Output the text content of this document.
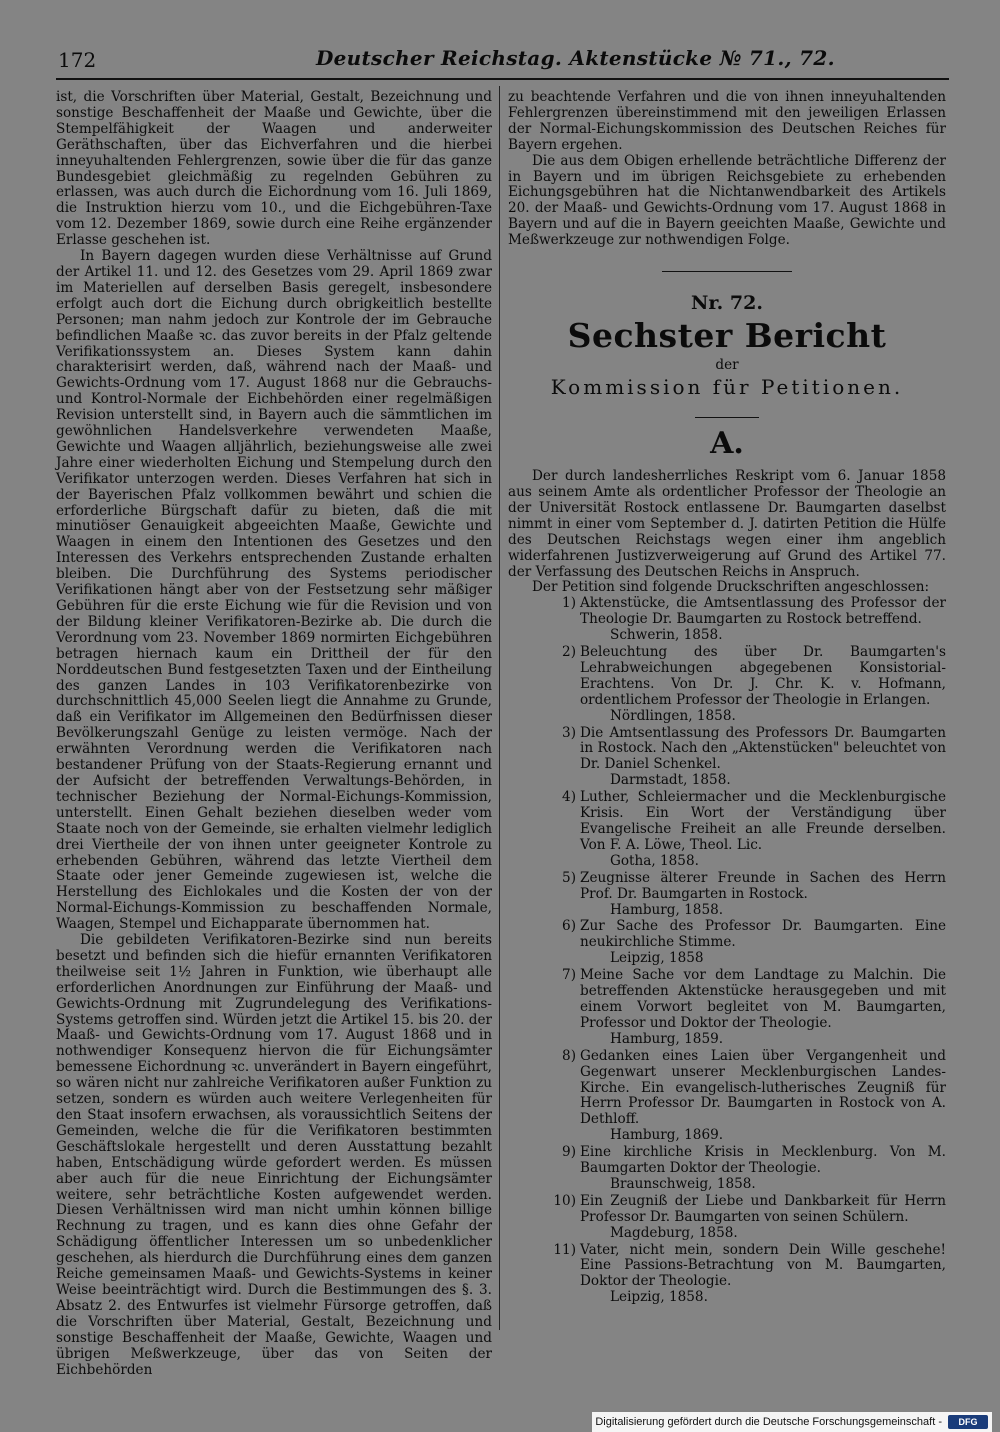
172	Deutscher Reichstag. Aktenstücke № 71., 72.

ist, die Vorschriften über Material, Gestalt, Bezeichnung und sonstige Beschaffenheit der Maaße und Gewichte, über die Stempelfähigkeit der Waagen und anderweiter Geräthschaften, über das Eichverfahren und die hierbei inneyuhaltenden Fehlergrenzen, sowie über die für das ganze Bundesgebiet gleichmäßig zu regelnden Gebühren zu erlassen, was auch durch die Eichordnung vom 16. Juli 1869, die Instruktion hierzu vom 10., und die Eichgebühren-Taxe vom 12. Dezember 1869, sowie durch eine Reihe ergänzender Erlasse geschehen ist.

In Bayern dagegen wurden diese Verhältnisse auf Grund der Artikel 11. und 12. des Gesetzes vom 29. April 1869 zwar im Materiellen auf derselben Basis geregelt, insbesondere erfolgt auch dort die Eichung durch obrigkeitlich bestellte Personen; man nahm jedoch zur Kontrole der im Gebrauche befindlichen Maaße ꝛc. das zuvor bereits in der Pfalz geltende Verifikationssystem an. Dieses System kann dahin charakterisirt werden, daß, während nach der Maaß- und Gewichts-Ordnung vom 17. August 1868 nur die Gebrauchs- und Kontrol-Normale der Eichbehörden einer regelmäßigen Revision unterstellt sind, in Bayern auch die sämmtlichen im gewöhnlichen Handelsverkehre verwendeten Maaße, Gewichte und Waagen alljährlich, beziehungsweise alle zwei Jahre einer wiederholten Eichung und Stempelung durch den Verifikator unterzogen werden. Dieses Verfahren hat sich in der Bayerischen Pfalz vollkommen bewährt und schien die erforderliche Bürgschaft dafür zu bieten, daß die mit minutiöser Genauigkeit abgeeichten Maaße, Gewichte und Waagen in einem den Intentionen des Gesetzes und den Interessen des Verkehrs entsprechenden Zustande erhalten bleiben. Die Durchführung des Systems periodischer Verifikationen hängt aber von der Festsetzung sehr mäßiger Gebühren für die erste Eichung wie für die Revision und von der Bildung kleiner Verifikatoren-Bezirke ab. Die durch die Verordnung vom 23. November 1869 normirten Eichgebühren betragen hiernach kaum ein Drittheil der für den Norddeutschen Bund festgesetzten Taxen und der Eintheilung des ganzen Landes in 103 Verifikatorenbezirke von durchschnittlich 45,000 Seelen liegt die Annahme zu Grunde, daß ein Verifikator im Allgemeinen den Bedürfnissen dieser Bevölkerungszahl Genüge zu leisten vermöge. Nach der erwähnten Verordnung werden die Verifikatoren nach bestandener Prüfung von der Staats-Regierung ernannt und der Aufsicht der betreffenden Verwaltungs-Behörden, in technischer Beziehung der Normal-Eichungs-Kommission, unterstellt. Einen Gehalt beziehen dieselben weder vom Staate noch von der Gemeinde, sie erhalten vielmehr lediglich drei Viertheile der von ihnen unter geeigneter Kontrole zu erhebenden Gebühren, während das letzte Viertheil dem Staate oder jener Gemeinde zugewiesen ist, welche die Herstellung des Eichlokales und die Kosten der von der Normal-Eichungs-Kommission zu beschaffenden Normale, Waagen, Stempel und Eichapparate übernommen hat.

Die gebildeten Verifikatoren-Bezirke sind nun bereits besetzt und befinden sich die hiefür ernannten Verifikatoren theilweise seit 1½ Jahren in Funktion, wie überhaupt alle erforderlichen Anordnungen zur Einführung der Maaß- und Gewichts-Ordnung mit Zugrundelegung des Verifikations-Systems getroffen sind. Würden jetzt die Artikel 15. bis 20. der Maaß- und Gewichts-Ordnung vom 17. August 1868 und in nothwendiger Konsequenz hiervon die für Eichungsämter bemessene Eichordnung ꝛc. unverändert in Bayern eingeführt, so wären nicht nur zahlreiche Verifikatoren außer Funktion zu setzen, sondern es würden auch weitere Verlegenheiten für den Staat insofern erwachsen, als voraussichtlich Seitens der Gemeinden, welche die für die Verifikatoren bestimmten Geschäftslokale hergestellt und deren Ausstattung bezahlt haben, Entschädigung würde gefordert werden. Es müssen aber auch für die neue Einrichtung der Eichungsämter weitere, sehr beträchtliche Kosten aufgewendet werden. Diesen Verhältnissen wird man nicht umhin können billige Rechnung zu tragen, und es kann dies ohne Gefahr der Schädigung öffentlicher Interessen um so unbedenklicher geschehen, als hierdurch die Durchführung eines dem ganzen Reiche gemeinsamen Maaß- und Gewichts-Systems in keiner Weise beeinträchtigt wird. Durch die Bestimmungen des §. 3. Absatz 2. des Entwurfes ist vielmehr Fürsorge getroffen, daß die Vorschriften über Material, Gestalt, Bezeichnung und sonstige Beschaffenheit der Maaße, Gewichte, Waagen und übrigen Meßwerkzeuge, über das von Seiten der Eichbehörden

zu beachtende Verfahren und die von ihnen inneyuhaltenden Fehlergrenzen übereinstimmend mit den jeweiligen Erlassen der Normal-Eichungskommission des Deutschen Reiches für Bayern ergehen.

Die aus dem Obigen erhellende beträchtliche Differenz der in Bayern und im übrigen Reichsgebiete zu erhebenden Eichungsgebühren hat die Nichtanwendbarkeit des Artikels 20. der Maaß- und Gewichts-Ordnung vom 17. August 1868 in Bayern und auf die in Bayern geeichten Maaße, Gewichte und Meßwerkzeuge zur nothwendigen Folge.

Nr. 72.

Sechster Bericht

der

Kommission für Petitionen.

A.

Der durch landesherrliches Reskript vom 6. Januar 1858 aus seinem Amte als ordentlicher Professor der Theologie an der Universität Rostock entlassene Dr. Baumgarten daselbst nimmt in einer vom September d. J. datirten Petition die Hülfe des Deutschen Reichstags wegen einer ihm angeblich widerfahrenen Justizverweigerung auf Grund des Artikel 77. der Verfassung des Deutschen Reichs in Anspruch.

Der Petition sind folgende Druckschriften angeschlossen:

1) Aktenstücke, die Amtsentlassung des Professor der Theologie Dr. Baumgarten zu Rostock betreffend.
Schwerin, 1858.
2) Beleuchtung des über Dr. Baumgarten's Lehrabweichungen abgegebenen Konsistorial-Erachtens. Von Dr. J. Chr. K. v. Hofmann, ordentlichem Professor der Theologie in Erlangen.
Nördlingen, 1858.
3) Die Amtsentlassung des Professors Dr. Baumgarten in Rostock. Nach den „Aktenstücken" beleuchtet von Dr. Daniel Schenkel.
Darmstadt, 1858.
4) Luther, Schleiermacher und die Mecklenburgische Krisis. Ein Wort der Verständigung über Evangelische Freiheit an alle Freunde derselben. Von F. A. Löwe, Theol. Lic.
Gotha, 1858.
5) Zeugnisse älterer Freunde in Sachen des Herrn Prof. Dr. Baumgarten in Rostock.
Hamburg, 1858.
6) Zur Sache des Professor Dr. Baumgarten. Eine neukirchliche Stimme.
Leipzig, 1858
7) Meine Sache vor dem Landtage zu Malchin. Die betreffenden Aktenstücke herausgegeben und mit einem Vorwort begleitet von M. Baumgarten, Professor und Doktor der Theologie.
Hamburg, 1859.
8) Gedanken eines Laien über Vergangenheit und Gegenwart unserer Mecklenburgischen Landes-Kirche. Ein evangelisch-lutherisches Zeugniß für Herrn Professor Dr. Baumgarten in Rostock von A. Dethloff.
Hamburg, 1869.
9) Eine kirchliche Krisis in Mecklenburg. Von M. Baumgarten Doktor der Theologie.
Braunschweig, 1858.
10) Ein Zeugniß der Liebe und Dankbarkeit für Herrn Professor Dr. Baumgarten von seinen Schülern.
Magdeburg, 1858.
11) Vater, nicht mein, sondern Dein Wille geschehe! Eine Passions-Betrachtung von M. Baumgarten, Doktor der Theologie.
Leipzig, 1858.
Digitalisierung gefördert durch die Deutsche Forschungsgemeinschaft -	DFG
